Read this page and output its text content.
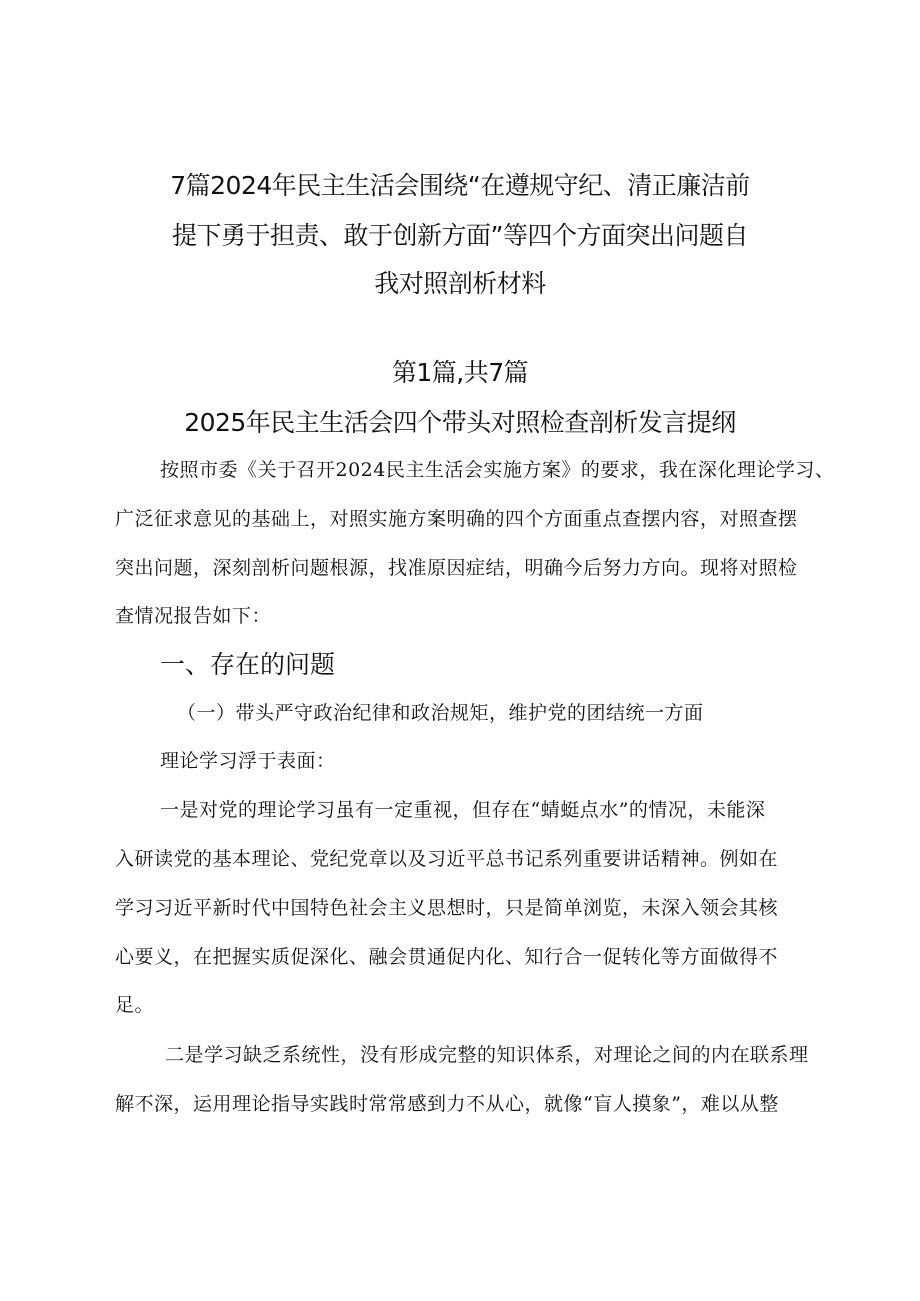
7篇2024年民主生活会围绕“在遵规守纪、清正廉洁前
提下勇于担责、敢于创新方面”等四个方面突出问题自
我对照剖析材料
第1篇,共7篇
2025年民主生活会四个带头对照检查剖析发言提纲
按照市委《关于召开2024民主生活会实施方案》的要求，我在深化理论学习、
广泛征求意见的基础上，对照实施方案明确的四个方面重点查摆内容，对照查摆
突出问题，深刻剖析问题根源，找准原因症结，明确今后努力方向。现将对照检
查情况报告如下：
一、存在的问题
（一）带头严守政治纪律和政治规矩，维护党的团结统一方面
理论学习浮于表面：
一是对党的理论学习虽有一定重视，但存在“蜻蜓点水”的情况，未能深
入研读党的基本理论、党纪党章以及习近平总书记系列重要讲话精神。例如在
学习习近平新时代中国特色社会主义思想时，只是简单浏览，未深入领会其核
心要义，在把握实质促深化、融会贯通促内化、知行合一促转化等方面做得不
足。
二是学习缺乏系统性，没有形成完整的知识体系，对理论之间的内在联系理
解不深，运用理论指导实践时常常感到力不从心，就像“盲人摸象”，难以从整
